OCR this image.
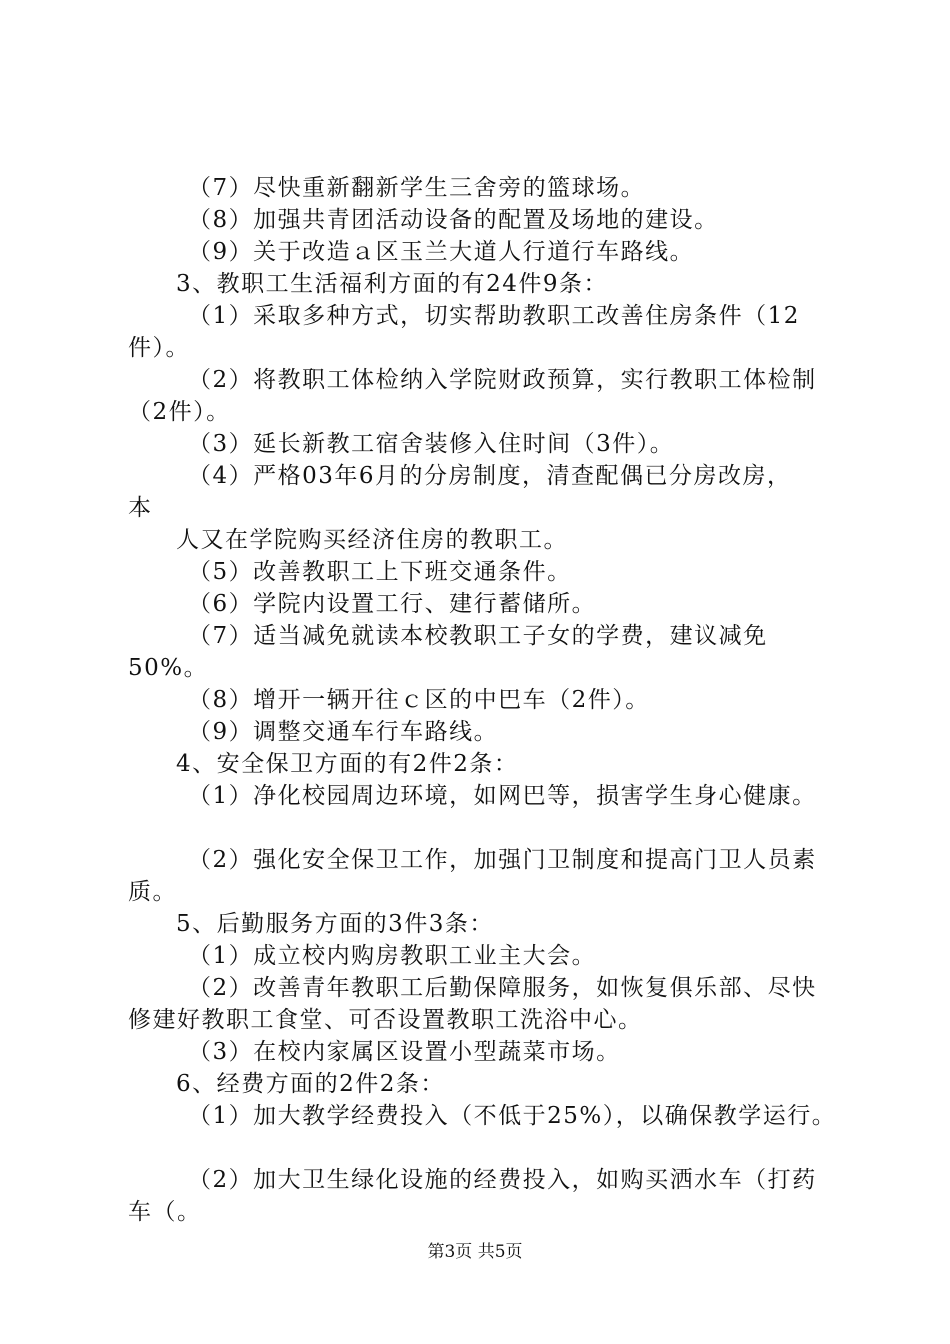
（7）尽快重新翻新学生三舍旁的篮球场。
（8）加强共青团活动设备的配置及场地的建设。
（9）关于改造ａ区玉兰大道人行道行车路线。
3、教职工生活福利方面的有24件9条：
（1）采取多种方式，切实帮助教职工改善住房条件（12
件）。
（2）将教职工体检纳入学院财政预算，实行教职工体检制
（2件）。
（3）延长新教工宿舍装修入住时间（3件）。
（4）严格03年6月的分房制度，清查配偶已分房改房，
本
人又在学院购买经济住房的教职工。
（5）改善教职工上下班交通条件。
（6）学院内设置工行、建行蓄储所。
（7）适当减免就读本校教职工子女的学费，建议减免
50%。
（8）增开一辆开往ｃ区的中巴车（2件）。
（9）调整交通车行车路线。
4、安全保卫方面的有2件2条：
（1）净化校园周边环境，如网巴等，损害学生身心健康。
（2）强化安全保卫工作，加强门卫制度和提高门卫人员素
质。
5、后勤服务方面的3件3条：
（1）成立校内购房教职工业主大会。
（2）改善青年教职工后勤保障服务，如恢复俱乐部、尽快
修建好教职工食堂、可否设置教职工洗浴中心。
（3）在校内家属区设置小型蔬菜市场。
6、经费方面的2件2条：
（1）加大教学经费投入（不低于25%），以确保教学运行。
（2）加大卫生绿化设施的经费投入，如购买洒水车（打药
车（。
第3页 共5页
